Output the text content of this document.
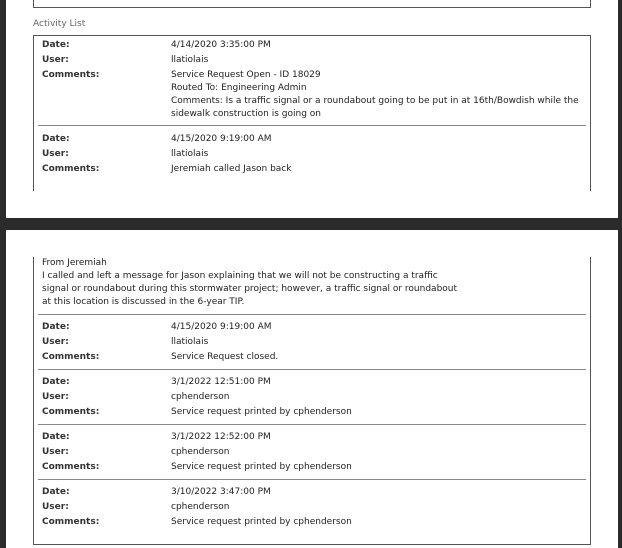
Activity List
Date:	4/14/2020 3:35:00 PM
User:	llatiolais
Comments:	Service Request Open - ID 18029
Routed To: Engineering Admin
Comments: Is a traffic signal or a roundabout going to be put in at 16th/Bowdish while the
sidewalk construction is going on
Date:	4/15/2020 9:19:00 AM
User:	llatiolais
Comments:	Jeremiah called Jason back
From Jeremiah
I called and left a message for Jason explaining that we will not be constructing a traffic
signal or roundabout during this stormwater project; however, a traffic signal or roundabout
at this location is discussed in the 6-year TIP.
Date:	4/15/2020 9:19:00 AM
User:	llatiolais
Comments:	Service Request closed.
Date:	3/1/2022 12:51:00 PM
User:	cphenderson
Comments:	Service request printed by cphenderson
Date:	3/1/2022 12:52:00 PM
User:	cphenderson
Comments:	Service request printed by cphenderson
Date:	3/10/2022 3:47:00 PM
User:	cphenderson
Comments:	Service request printed by cphenderson
